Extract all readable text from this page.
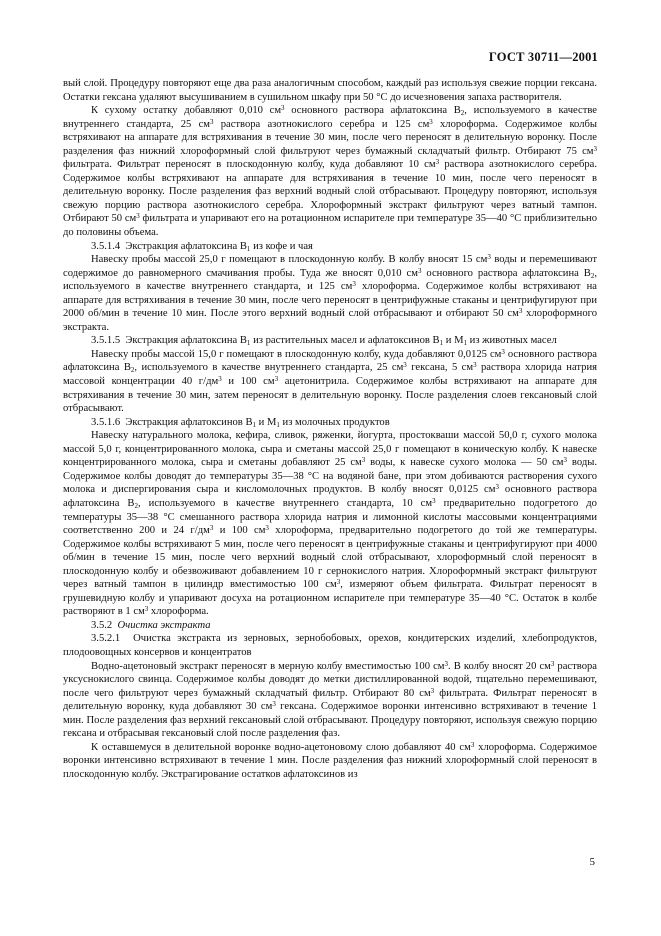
ГОСТ 30711—2001

вый слой. Процедуру повторяют еще два раза аналогичным способом, каждый раз используя свежие порции гексана. Остатки гексана удаляют высушиванием в сушильном шкафу при 50 °С до исчезновения запаха растворителя.

К сухому остатку добавляют 0,010 $см^3$ основного раствора афлатоксина $В_2$, используемого в качестве внутреннего стандарта, 25 $см^3$ раствора азотнокислого серебра и 125 $см^3$ хлороформа. Содержимое колбы встряхивают на аппарате для встряхивания в течение 30 мин, после чего переносят в делительную воронку. После разделения фаз нижний хлороформный слой фильтруют через бумажный складчатый фильтр. Отбирают 75 $см^3$ фильтрата. Фильтрат переносят в плоскодонную колбу, куда добавляют 10 $см^3$ раствора азотнокислого серебра. Содержимое колбы встряхивают на аппарате для встряхивания в течение 10 мин, после чего переносят в делительную воронку. После разделения фаз верхний водный слой отбрасывают. Процедуру повторяют, используя свежую порцию раствора азотнокислого серебра. Хлороформный экстракт фильтруют через ватный тампон. Отбирают 50 $см^3$ фильтрата и упаривают его на ротационном испарителе при температуре 35—40 °С приблизительно до половины объема.

3.5.1.4  Экстракция афлатоксина $В_1$ из кофе и чая

Навеску пробы массой 25,0 г помещают в плоскодонную колбу. В колбу вносят 15 $см^3$ воды и перемешивают содержимое до равномерного смачивания пробы. Туда же вносят 0,010 $см^3$ основного раствора афлатоксина $В_2$, используемого в качестве внутреннего стандарта, и 125 $см^3$ хлороформа. Содержимое колбы встряхивают на аппарате для встряхивания в течение 30 мин, после чего переносят в центрифужные стаканы и центрифугируют при 2000 об/мин в течение 10 мин. После этого верхний водный слой отбрасывают и отбирают 50 $см^3$ хлороформного экстракта.

3.5.1.5  Экстракция афлатоксина $В_1$ из растительных масел и афлатоксинов $В_1$ и $М_1$ из животных масел

Навеску пробы массой 15,0 г помещают в плоскодонную колбу, куда добавляют 0,0125 $см^3$ основного раствора афлатоксина $В_2$, используемого в качестве внутреннего стандарта, 25 $см^3$ гексана, 5 $см^3$ раствора хлорида натрия массовой концентрации 40 $г/дм^3$ и 100 $см^3$ ацетонитрила. Содержимое колбы встряхивают на аппарате для встряхивания в течение 30 мин, затем переносят в делительную воронку. После разделения слоев гексановый слой отбрасывают.

3.5.1.6  Экстракция афлатоксинов $В_1$ и $М_1$ из молочных продуктов

Навеску натурального молока, кефира, сливок, ряженки, йогурта, простокваши массой 50,0 г, сухого молока массой 5,0 г, концентрированного молока, сыра и сметаны массой 25,0 г помещают в коническую колбу. К навеске концентрированного молока, сыра и сметаны добавляют 25 $см^3$ воды, к навеске сухого молока — 50 $см^3$ воды. Содержимое колбы доводят до температуры 35—38 °С на водяной бане, при этом добиваются растворения сухого молока и диспергирования сыра и кисломолочных продуктов. В колбу вносят 0,0125 $см^3$ основного раствора афлатоксина $В_2$, используемого в качестве внутреннего стандарта, 10 $см^3$ предварительно подогретого до температуры 35—38 °С смешанного раствора хлорида натрия и лимонной кислоты массовыми концентрациями соответственно 200 и 24 $г/дм^3$ и 100 $см^3$ хлороформа, предварительно подогретого до той же температуры. Содержимое колбы встряхивают 5 мин, после чего переносят в центрифужные стаканы и центрифугируют при 4000 об/мин в течение 15 мин, после чего верхний водный слой отбрасывают, хлороформный слой переносят в плоскодонную колбу и обезвоживают добавлением 10 г сернокислого натрия. Хлороформный экстракт фильтруют через ватный тампон в цилиндр вместимостью 100 $см^3$, измеряют объем фильтрата. Фильтрат переносят в грушевидную колбу и упаривают досуха на ротационном испарителе при температуре 35—40 °С. Остаток в колбе растворяют в 1 $см^3$ хлороформа.

3.5.2  Очистка экстракта

3.5.2.1  Очистка экстракта из зерновых, зернобобовых, орехов, кондитерских изделий, хлебопродуктов, плодоовощных консервов и концентратов

Водно-ацетоновый экстракт переносят в мерную колбу вместимостью 100 $см^3$. В колбу вносят 20 $см^3$ раствора уксуснокислого свинца. Содержимое колбы доводят до метки дистиллированной водой, тщательно перемешивают, после чего фильтруют через бумажный складчатый фильтр. Отбирают 80 $см^3$ фильтрата. Фильтрат переносят в делительную воронку, куда добавляют 30 $см^3$ гексана. Содержимое воронки интенсивно встряхивают в течение 1 мин. После разделения фаз верхний гексановый слой отбрасывают. Процедуру повторяют, используя свежую порцию гексана и отбрасывая гексановый слой после разделения фаз.

К оставшемуся в делительной воронке водно-ацетоновому слою добавляют 40 $см^3$ хлороформа. Содержимое воронки интенсивно встряхивают в течение 1 мин. После разделения фаз нижний хлороформный слой переносят в плоскодонную колбу. Экстрагирование остатков афлатоксинов из

5
